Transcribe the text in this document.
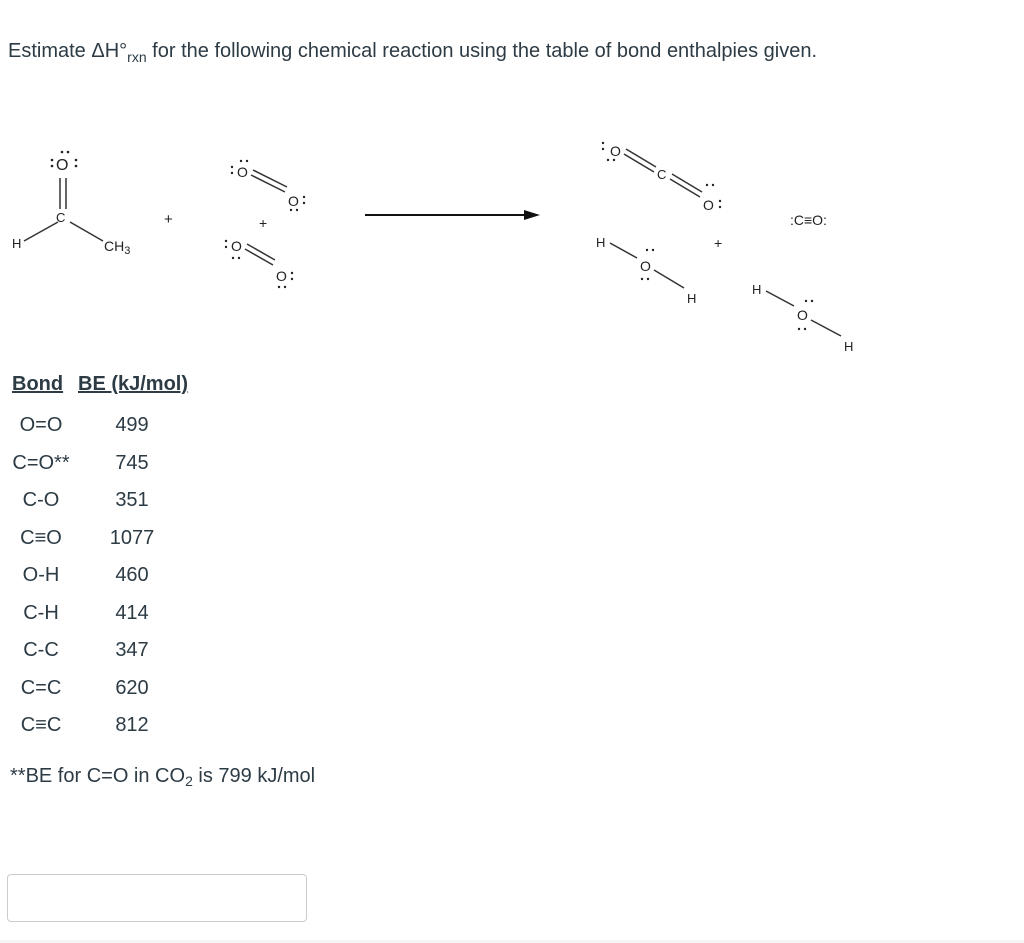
Estimate $\Delta H^\circ_{rxn}$ for the following chemical reaction using the table of bond enthalpies given.
H
C
$CH_3$
O
+
O
O
+
O
O
O
C
O
+
:C≡O:
H
O
H
H
O
H
Bond BE (kJ/mol)
O=O	499
C=O**	745
C-O	351
C≡O	1077
O-H	460
C-H	414
C-C	347
C=C	620
C≡C	812
**BE for C=O in $CO_2$ is 799 kJ/mol
